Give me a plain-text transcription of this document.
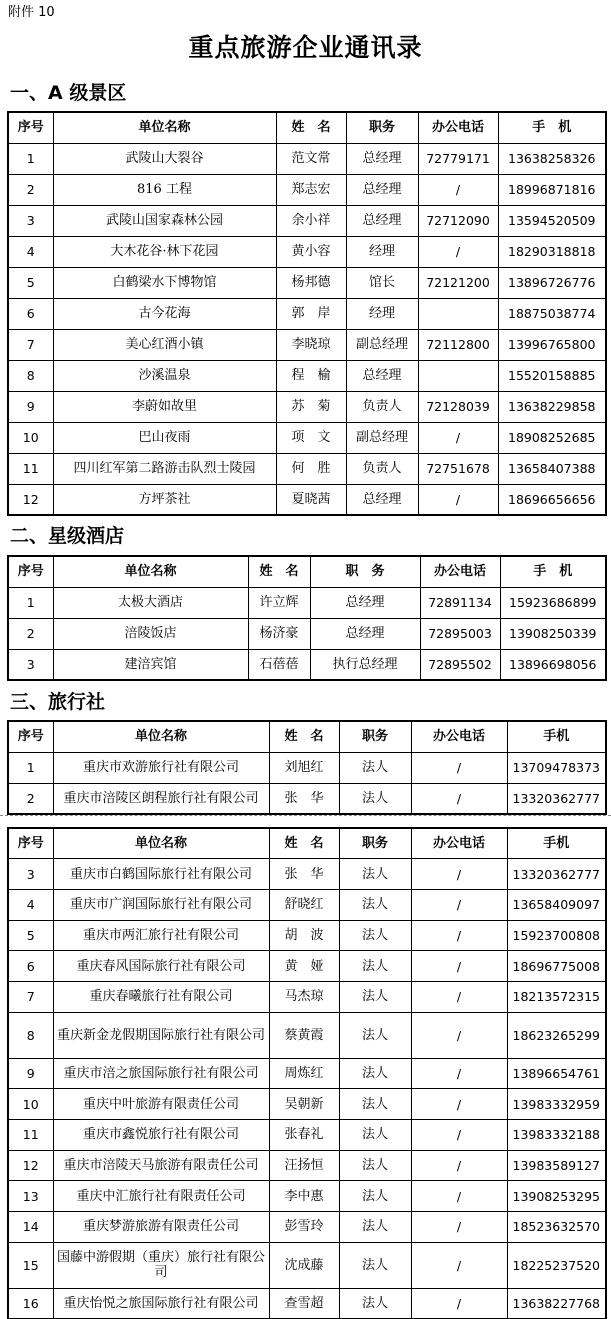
附件 10
重点旅游企业通讯录
一、A 级景区
序号	单位名称	姓　名	职务	办公电话	手　机
1	武陵山大裂谷	范文常	总经理	72779171	13638258326
2	816 工程	郑志宏	总经理	/	18996871816
3	武陵山国家森林公园	余小祥	总经理	72712090	13594520509
4	大木花谷·林下花园	黄小容	经理	/	18290318818
5	白鹤梁水下博物馆	杨邦德	馆长	72121200	13896726776
6	古今花海	郭　岸	经理		18875038774
7	美心红酒小镇	李晓琼	副总经理	72112800	13996765800
8	沙溪温泉	程　榆	总经理		15520158885
9	李蔚如故里	苏　菊	负责人	72128039	13638229858
10	巴山夜雨	项　文	副总经理	/	18908252685
11	四川红军第二路游击队烈士陵园	何　胜	负责人	72751678	13658407388
12	方坪茶社	夏晓茜	总经理	/	18696656656
二、星级酒店
序号	单位名称	姓　名	职　务	办公电话	手　机
1	太极大酒店	许立辉	总经理	72891134	15923686899
2	涪陵饭店	杨济豪	总经理	72895003	13908250339
3	建涪宾馆	石蓓蓓	执行总经理	72895502	13896698056
三、旅行社
序号	单位名称	姓　名	职务	办公电话	手机
1	重庆市欢游旅行社有限公司	刘旭红	法人	/	13709478373
2	重庆市涪陵区朗程旅行社有限公司	张　华	法人	/	13320362777
序号	单位名称	姓　名	职务	办公电话	手机
3	重庆市白鹤国际旅行社有限公司	张　华	法人	/	13320362777
4	重庆市广润国际旅行社有限公司	舒晓红	法人	/	13658409097
5	重庆市两汇旅行社有限公司	胡　波	法人	/	15923700808
6	重庆春风国际旅行社有限公司	黄　娅	法人	/	18696775008
7	重庆春曦旅行社有限公司	马杰琼	法人	/	18213572315
8	重庆新金龙假期国际旅行社有限公司	蔡黄霞	法人	/	18623265299
9	重庆市涪之旅国际旅行社有限公司	周炼红	法人	/	13896654761
10	重庆中叶旅游有限责任公司	吴朝新	法人	/	13983332959
11	重庆市鑫悦旅行社有限公司	张春礼	法人	/	13983332188
12	重庆市涪陵天马旅游有限责任公司	汪扬恒	法人	/	13983589127
13	重庆中汇旅行社有限责任公司	李中惠	法人	/	13908253295
14	重庆梦游旅游有限责任公司	彭雪玲	法人	/	18523632570
15	国藤中游假期（重庆）旅行社有限公司	沈成藤	法人	/	18225237520
16	重庆怡悦之旅国际旅行社有限公司	查雪超	法人	/	13638227768
